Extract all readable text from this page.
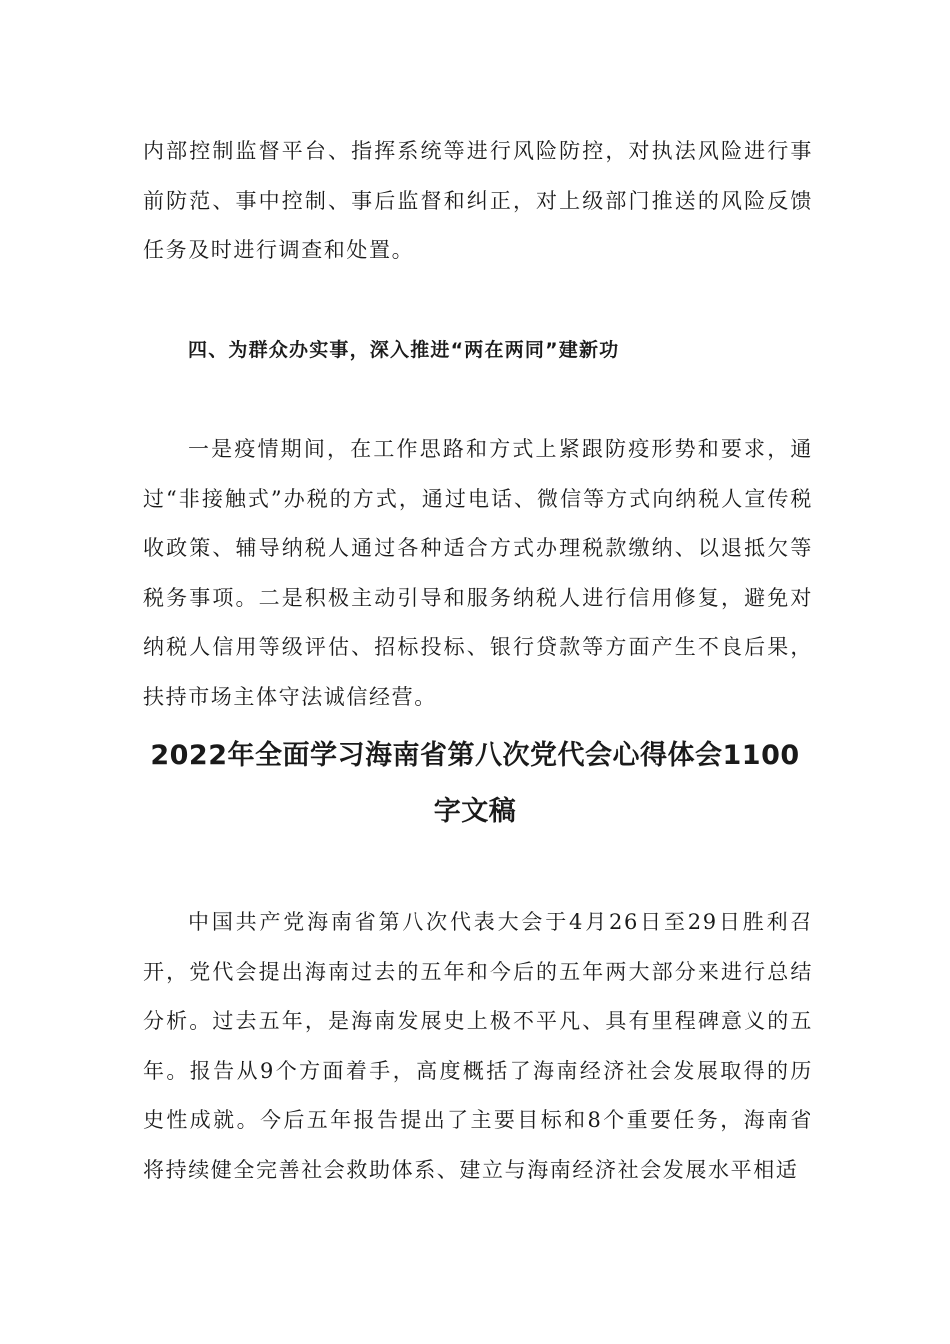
内部控制监督平台、指挥系统等进行风险防控，对执法风险进行事前防范、事中控制、事后监督和纠正，对上级部门推送的风险反馈任务及时进行调查和处置。

四、为群众办实事，深入推进“两在两同”建新功

一是疫情期间，在工作思路和方式上紧跟防疫形势和要求，通过“非接触式”办税的方式，通过电话、微信等方式向纳税人宣传税收政策、辅导纳税人通过各种适合方式办理税款缴纳、以退抵欠等税务事项。二是积极主动引导和服务纳税人进行信用修复，避免对纳税人信用等级评估、招标投标、银行贷款等方面产生不良后果，扶持市场主体守法诚信经营。

2022年全面学习海南省第八次党代会心得体会1100
字文稿

中国共产党海南省第八次代表大会于4月26日至29日胜利召开，党代会提出海南过去的五年和今后的五年两大部分来进行总结分析。过去五年，是海南发展史上极不平凡、具有里程碑意义的五年。报告从9个方面着手，高度概括了海南经济社会发展取得的历史性成就。今后五年报告提出了主要目标和8个重要任务，海南省将持续健全完善社会救助体系、建立与海南经济社会发展水平相适
